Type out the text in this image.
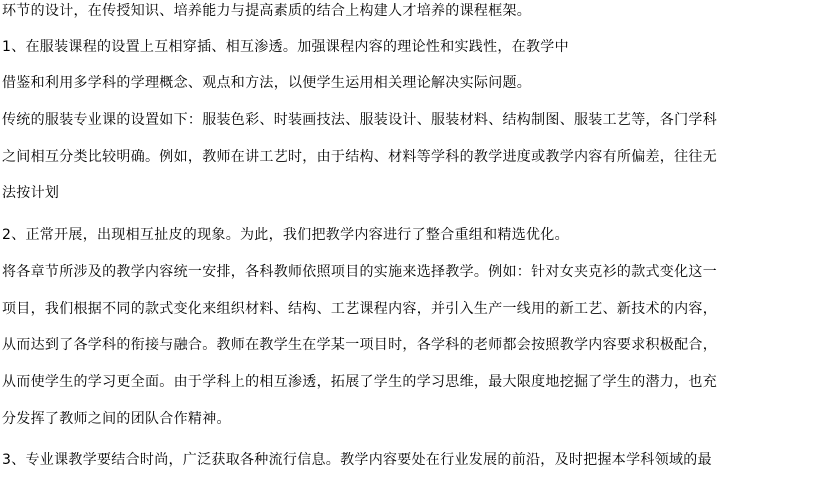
环节的设计，在传授知识、培养能力与提高素质的结合上构建人才培养的课程框架。
1、在服装课程的设置上互相穿插、相互渗透。加强课程内容的理论性和实践性，在教学中
借鉴和利用多学科的学理概念、观点和方法，以便学生运用相关理论解决实际问题。
传统的服装专业课的设置如下：服装色彩、时装画技法、服装设计、服装材料、结构制图、服装工艺等，各门学科
之间相互分类比较明确。例如，教师在讲工艺时，由于结构、材料等学科的教学进度或教学内容有所偏差，往往无
法按计划
2、正常开展，出现相互扯皮的现象。为此，我们把教学内容进行了整合重组和精选优化。
将各章节所涉及的教学内容统一安排，各科教师依照项目的实施来选择教学。例如：针对女夹克衫的款式变化这一
项目，我们根据不同的款式变化来组织材料、结构、工艺课程内容，并引入生产一线用的新工艺、新技术的内容，
从而达到了各学科的衔接与融合。教师在教学生在学某一项目时，各学科的老师都会按照教学内容要求积极配合，
从而使学生的学习更全面。由于学科上的相互渗透，拓展了学生的学习思维，最大限度地挖掘了学生的潜力，也充
分发挥了教师之间的团队合作精神。
3、专业课教学要结合时尚，广泛获取各种流行信息。教学内容要处在行业发展的前沿，及时把握本学科领域的最
